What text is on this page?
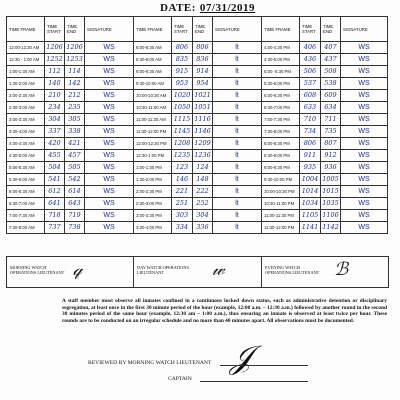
DATE: 07/31/2019
TIME FRAME	TIME START	TIME END	SIGNATURE
12:00-12:30 AM	1206	1206	WS
12:30 - 1:00 AM	1252	1253	WS
1:00-1:30 AM	112	114	WS
1:30-2:00 AM	140	142	WS
2:00-2:30 AM	210	212	WS
2:30-3:00 AM	234	235	WS
3:00-3:30 AM	304	305	WS
3:30-4:00 AM	337	338	WS
4:00-4:30 AM	420	421	WS
4:30-5:00 AM	455	457	WS
5:00-5:30 AM	504	505	WS
5:30-6:00 AM	541	542	WS
6:00-6:30 AM	612	614	WS
6:30-7:00 AM	641	643	WS
7:00-7:30 AM	718	719	WS
7:30-8:00 AM	737	738	WS
TIME FRAME	TIME START	TIME END	SIGNATURE
8:00-8:30 AM	806	806	lt
8:30-9:00 AM	835	836	lt
9:00-9:30 AM	915	914	lt
9:30-10:00 AM	953	954	lt
10:00-10:30 AM	1020	1021	lt
10:30-11:00 AM	1050	1051	lt
11:00-11:30 AM	1115	1116	lt
11:30-12:00 PM	1145	1146	lt
12:00-12:30 PM	1208	1209	lt
12:30-1:00 PM	1235	1236	lt
1:00-1:30 PM	123	124	lt
1:30-2:00 PM	146	148	lt
2:00-2:30 PM	221	222	lt
2:30-3:00 PM	251	252	lt
3:00-3:30 PM	303	304	lt
3:30-4:00 PM	334	336	lt
TIME FRAME	TIME START	TIME END	SIGNATURE
4:00-4:30 PM	406	407	WS
4:30-5:00 PM	436	437	WS
5:00 -5:30 PM	506	508	WS
5:30-6:00 PM	537	538	WS
6:00-6:30 PM	608	609	WS
6:30-7:00 PM	633	634	WS
7:00-7:30 PM	710	711	WS
7:30-8:00 PM	734	735	WS
8:00-8:30 PM	806	807	WS
8:30-9:00 PM	911	912	WS
9:00-9:30 PM	935	936	WS
9:30-10:00 PM	1004	1005	WS
10:00-10:30 PM	1014	1015	WS
10:30-11:00 PM	1034	1035	WS
11:00-11:30 PM	1105	1106	WS
11:30-12:00 PM	1141	1142	WS
MORNING WATCH OPERATIONS LIEUTENANT 𝓆	DAY WATCH OPERATIONS LIEUTENANT	𝓌	EVENING WATCH OPERATIONS LIEUTENANT ℬ
A staff member must observe all inmates confined in a continuous locked down status, such as administrative detention or disciplinary segregation, at least once in the first 30 minute period of the hour (example, 12:00 a.m. – 12:30 a.m.) followed by another round in the second 30 minutes period of the same hour (example, 12:30 am – 1:00 a.m.), thus ensuring an inmate is observed at least twice per hour. These rounds are to be conducted on an irregular schedule and no more than 40 minutes apart. All observations must be documented.
𝒥
REVIEWED BY MORNING WATCH LIEUTENANT
CAPTAIN
